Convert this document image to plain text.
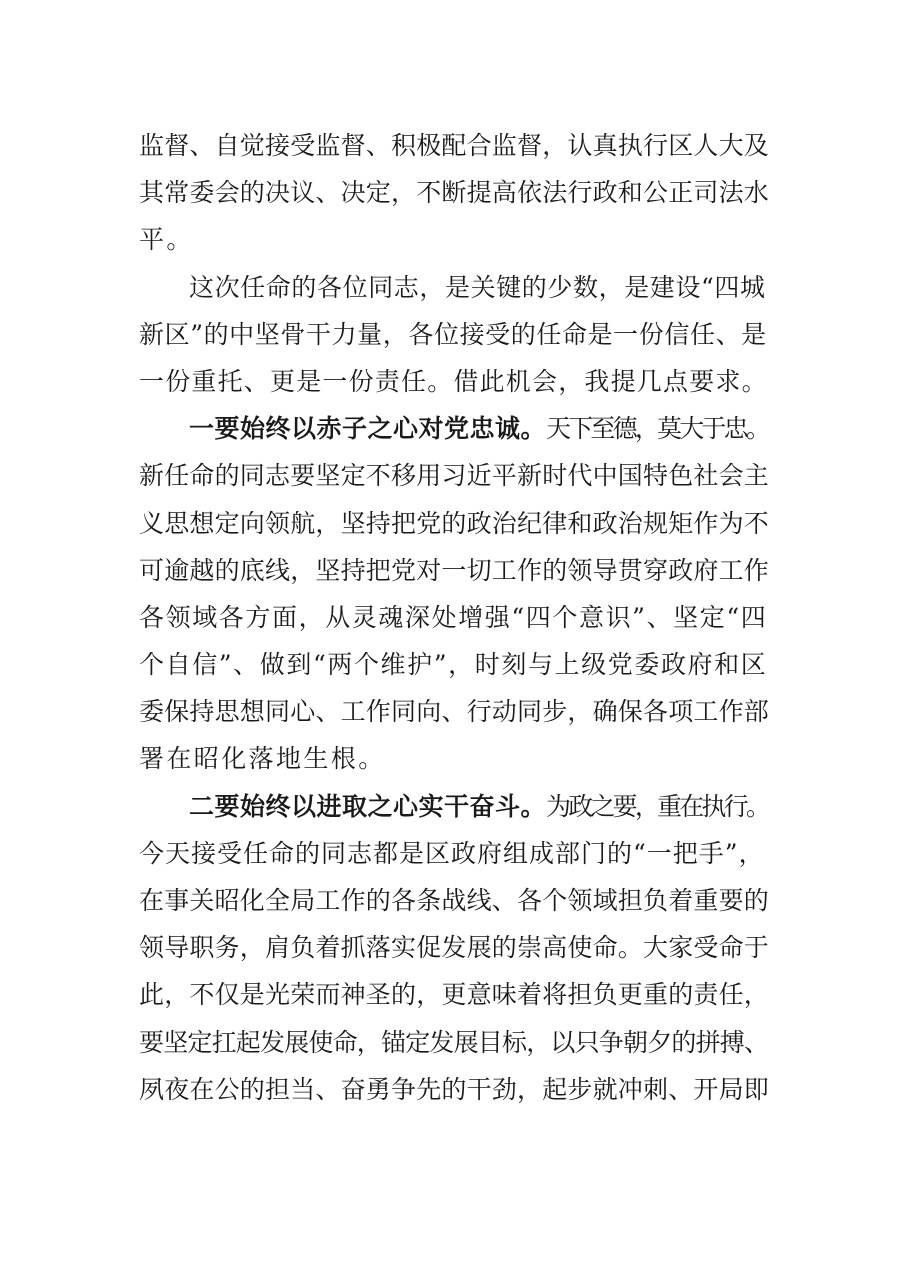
监督、自觉接受监督、积极配合监督，认真执行区人大及
其常委会的决议、决定，不断提高依法行政和公正司法水
平。
这次任命的各位同志，是关键的少数，是建设“四城
新区”的中坚骨干力量，各位接受的任命是一份信任、是
一份重托、更是一份责任。借此机会，我提几点要求。
一要始终以赤子之心对党忠诚。天下至德，莫大于忠。
新任命的同志要坚定不移用习近平新时代中国特色社会主
义思想定向领航，坚持把党的政治纪律和政治规矩作为不
可逾越的底线，坚持把党对一切工作的领导贯穿政府工作
各领域各方面，从灵魂深处增强“四个意识”、坚定“四
个自信”、做到“两个维护”，时刻与上级党委政府和区
委保持思想同心、工作同向、行动同步，确保各项工作部
署在昭化落地生根。
二要始终以进取之心实干奋斗。为政之要，重在执行。
今天接受任命的同志都是区政府组成部门的“一把手”，
在事关昭化全局工作的各条战线、各个领域担负着重要的
领导职务，肩负着抓落实促发展的崇高使命。大家受命于
此，不仅是光荣而神圣的，更意味着将担负更重的责任，
要坚定扛起发展使命，锚定发展目标，以只争朝夕的拼搏、
夙夜在公的担当、奋勇争先的干劲，起步就冲刺、开局即
